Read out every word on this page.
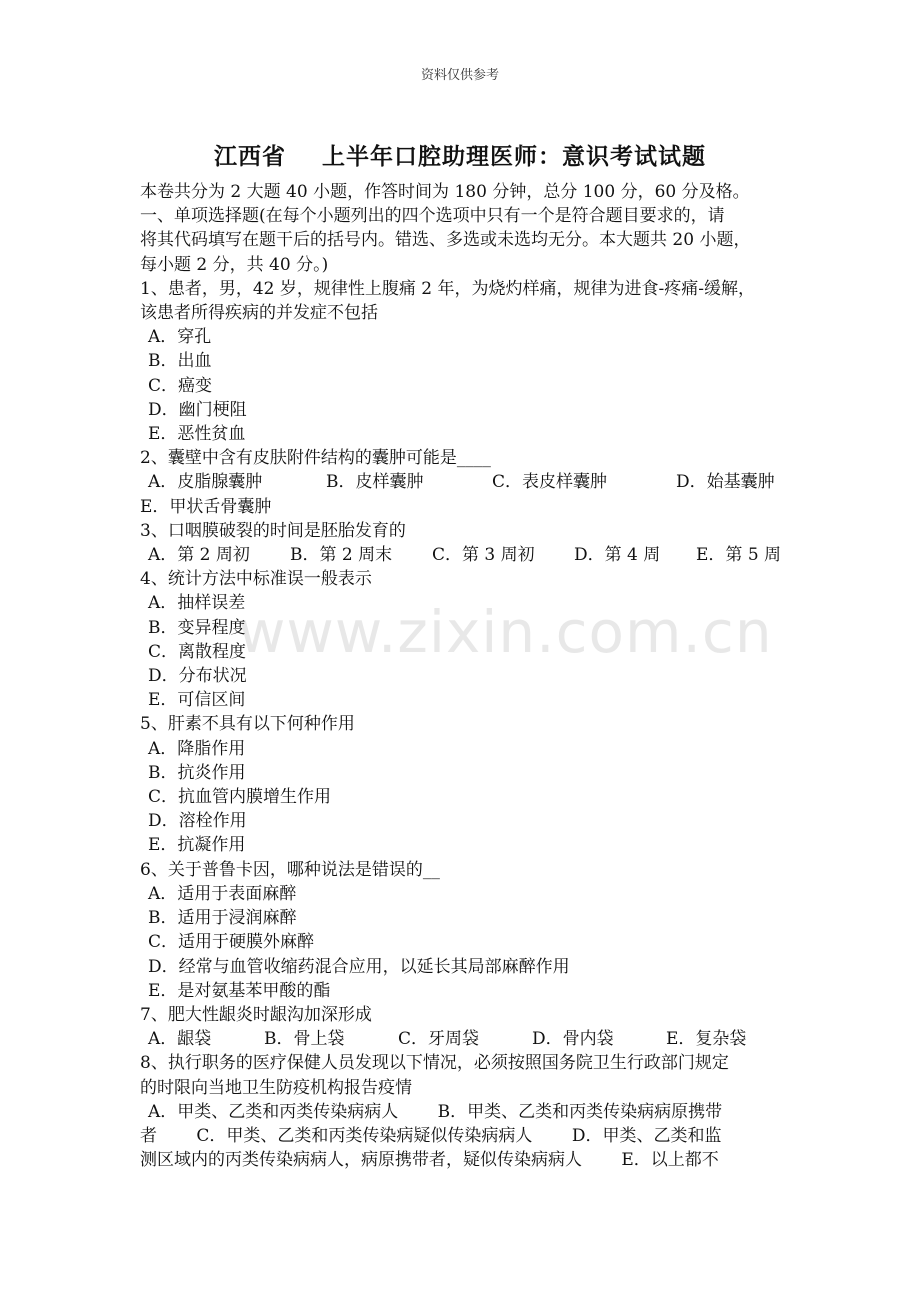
资料仅供参考
江西省    上半年口腔助理医师：意识考试试题
www.zixin.com.cn
本卷共分为 2 大题 40 小题，作答时间为 180 分钟，总分 100 分，60 分及格。
一、单项选择题(在每个小题列出的四个选项中只有一个是符合题目要求的，请
将其代码填写在题干后的括号内。错选、多选或未选均无分。本大题共 20 小题，
每小题 2 分，共 40 分。)
1、患者，男，42 岁，规律性上腹痛 2 年，为烧灼样痛，规律为进食-疼痛-缓解，
该患者所得疾病的并发症不包括
A．穿孔
B．出血
C．癌变
D．幽门梗阻
E．恶性贫血
2、囊壁中含有皮肤附件结构的囊肿可能是____
A．皮脂腺囊肿	B．皮样囊肿	C．表皮样囊肿	D．始基囊肿
E．甲状舌骨囊肿
3、口咽膜破裂的时间是胚胎发育的
A．第 2 周初	B．第 2 周末	C．第 3 周初	D．第 4 周	E．第 5 周
4、统计方法中标准误一般表示
A．抽样误差
B．变异程度
C．离散程度
D．分布状况
E．可信区间
5、肝素不具有以下何种作用
A．降脂作用
B．抗炎作用
C．抗血管内膜增生作用
D．溶栓作用
E．抗凝作用
6、关于普鲁卡因，哪种说法是错误的__
A．适用于表面麻醉
B．适用于浸润麻醉
C．适用于硬膜外麻醉
D．经常与血管收缩药混合应用，以延长其局部麻醉作用
E．是对氨基苯甲酸的酯
7、肥大性龈炎时龈沟加深形成
A．龈袋	B．骨上袋	C．牙周袋	D．骨内袋	E．复杂袋
8、执行职务的医疗保健人员发现以下情况，必须按照国务院卫生行政部门规定
的时限向当地卫生防疫机构报告疫情
A．甲类、乙类和丙类传染病病人　　 B．甲类、乙类和丙类传染病病原携带
者　　 C．甲类、乙类和丙类传染病疑似传染病病人　　 D．甲类、乙类和监
测区域内的丙类传染病病人，病原携带者，疑似传染病病人　　 E．以上都不
